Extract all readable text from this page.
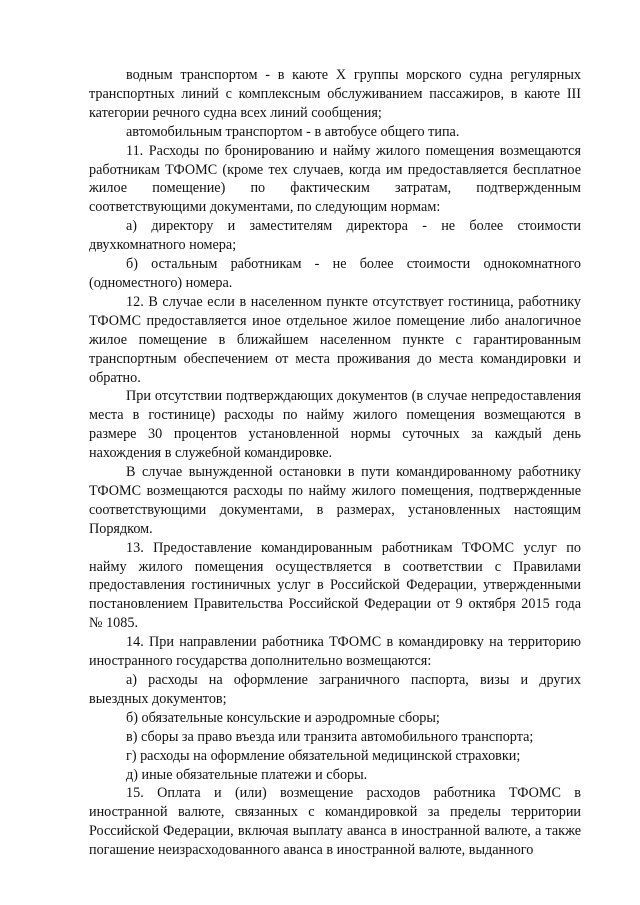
водным транспортом - в каюте X группы морского судна регулярных транспортных линий с комплексным обслуживанием пассажиров, в каюте III категории речного судна всех линий сообщения;

автомобильным транспортом - в автобусе общего типа.

11. Расходы по бронированию и найму жилого помещения возмещаются работникам ТФОМС (кроме тех случаев, когда им предоставляется бесплатное жилое помещение) по фактическим затратам, подтвержденным соответствующими документами, по следующим нормам:

а) директору и заместителям директора - не более стоимости двухкомнатного номера;

б) остальным работникам - не более стоимости однокомнатного (одноместного) номера.

12. В случае если в населенном пункте отсутствует гостиница, работнику ТФОМС предоставляется иное отдельное жилое помещение либо аналогичное жилое помещение в ближайшем населенном пункте с гарантированным транспортным обеспечением от места проживания до места командировки и обратно.

При отсутствии подтверждающих документов (в случае непредоставления места в гостинице) расходы по найму жилого помещения возмещаются в размере 30 процентов установленной нормы суточных за каждый день нахождения в служебной командировке.

В случае вынужденной остановки в пути командированному работнику ТФОМС возмещаются расходы по найму жилого помещения, подтвержденные соответствующими документами, в размерах, установленных настоящим Порядком.

13. Предоставление командированным работникам ТФОМС услуг по найму жилого помещения осуществляется в соответствии с Правилами предоставления гостиничных услуг в Российской Федерации, утвержденными постановлением Правительства Российской Федерации от 9 октября 2015 года № 1085.

14. При направлении работника ТФОМС в командировку на территорию иностранного государства дополнительно возмещаются:

а) расходы на оформление заграничного паспорта, визы и других выездных документов;

б) обязательные консульские и аэродромные сборы;

в) сборы за право въезда или транзита автомобильного транспорта;

г) расходы на оформление обязательной медицинской страховки;

д) иные обязательные платежи и сборы.

15. Оплата и (или) возмещение расходов работника ТФОМС в иностранной валюте, связанных с командировкой за пределы территории Российской Федерации, включая выплату аванса в иностранной валюте, а также погашение неизрасходованного аванса в иностранной валюте, выданного
